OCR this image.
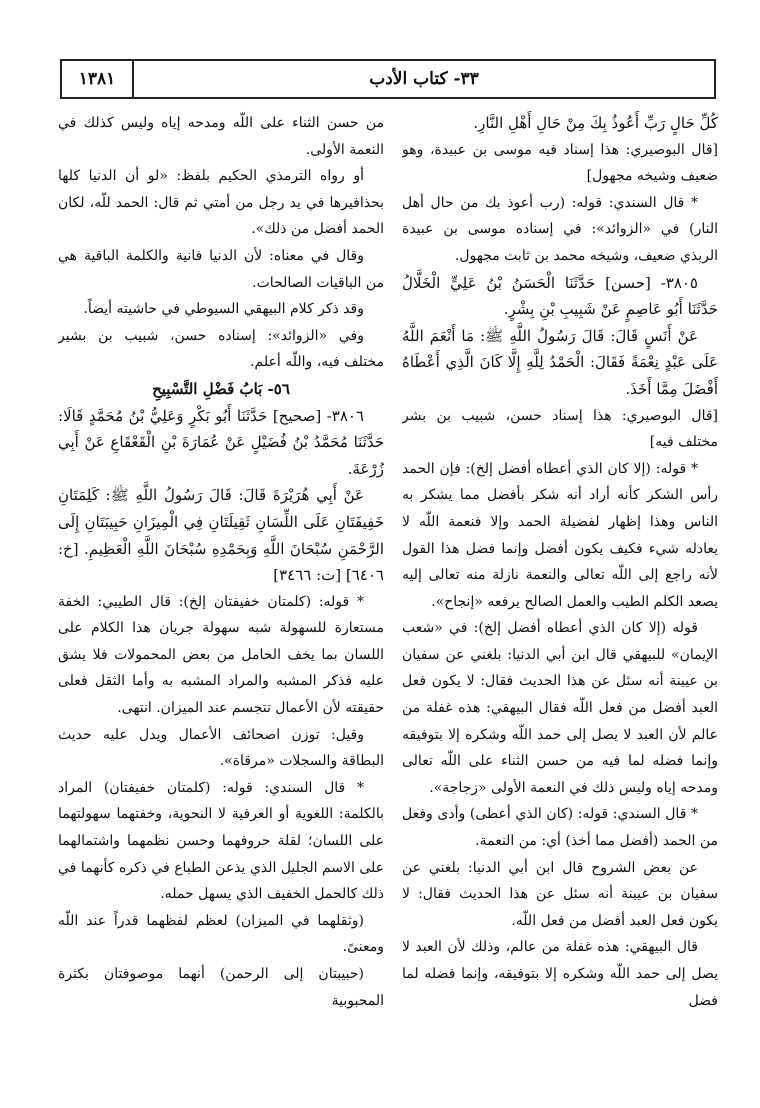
١٣٨١	٣٣- كتاب الأدب

كُلِّ حَالٍ رَبِّ أَعُوذُ بِكَ مِنْ حَالِ أَهْلِ النَّارِ.

[قال البوصيري: هذا إسناد فيه موسى بن عبيدة، وهو ضعيف وشيخه مجهول]

* قال السندي: قوله: (رب أعوذ بك من حال أهل النار) في «الزوائد»: في إسناده موسى بن عبيدة الربذي ضعيف، وشيخه محمد بن ثابت مجهول.

٣٨٠٥- [حسن] حَدَّثَنَا الْحَسَنُ بْنُ عَلِيٍّ الْخَلَّالُ حَدَّثَنَا أَبُو عَاصِمٍ عَنْ شَبِيبِ بْنِ بِشْرٍ.

عَنْ أَنَسٍ قَالَ: قَالَ رَسُولُ اللَّهِ ﷺ: مَا أَنْعَمَ اللَّهُ عَلَى عَبْدٍ نِعْمَةً فَقَالَ: الْحَمْدُ لِلَّهِ إِلَّا كَانَ الَّذِي أَعْطَاهُ أَفْضَلَ مِمَّا أَخَذَ.

[قال البوصيري: هذا إسناد حسن، شبيب بن بشر مختلف فيه]

* قوله: (إلا كان الذي أعطاه أفضل إلخ): فإن الحمد رأس الشكر كأنه أراد أنه شكر بأفضل مما يشكر به الناس وهذا إظهار لفضيلة الحمد وإلا فنعمة اللّه لا يعادله شيء فكيف يكون أفضل وإنما فضل هذا القول لأنه راجع إلى اللّه تعالى والنعمة نازلة منه تعالى إليه يصعد الكلم الطيب والعمل الصالح يرفعه «إنجاح».

قوله (إلا كان الذي أعطاه أفضل إلخ): في «شعب الإيمان» للبيهقي قال ابن أبي الدنيا: بلغني عن سفيان بن عيينة أنه سئل عن هذا الحديث فقال: لا يكون فعل العبد أفضل من فعل اللّه فقال البيهقي: هذه غفلة من عالم لأن العبد لا يصل إلى حمد اللّه وشكره إلا بتوفيقه وإنما فضله لما فيه من حسن الثناء على اللّه تعالى ومدحه إياه وليس ذلك في النعمة الأولى «زجاجة».

* قال السندي: قوله: (كان الذي أعطى) وأدى وفعل من الحمد (أفضل مما أخذ) أي: من النعمة.

عن بعض الشروح قال ابن أبي الدنيا: بلغني عن سفيان بن عيينة أنه سئل عن هذا الحديث فقال: لا يكون فعل العبد أفضل من فعل اللّه.

قال البيهقي: هذه غفلة من عالم، وذلك لأن العبد لا يصل إلى حمد اللّه وشكره إلا بتوفيقه، وإنما فضله لما فضل

من حسن الثناء على اللّه ومدحه إياه وليس كذلك في النعمة الأولى.

أو رواه الترمذي الحكيم بلفظ: «لو أن الدنيا كلها بحذافيرها في يد رجل من أمتي ثم قال: الحمد للّه، لكان الحمد أفضل من ذلك».

وقال في معناه: لأن الدنيا فانية والكلمة الباقية هي من الباقيات الصالحات.

وقد ذكر كلام البيهقي السيوطي في حاشيته أيضاً.

وفي «الزوائد»: إسناده حسن، شبيب بن بشير مختلف فيه، واللّه أعلم.

٥٦- بَابُ فَضْلِ التَّسْبِيحِ

٣٨٠٦- [صحيح] حَدَّثَنَا أَبُو بَكْرٍ وَعَلِيُّ بْنُ مُحَمَّدٍ قَالَا: حَدَّثَنَا مُحَمَّدُ بْنُ فُضَيْلٍ عَنْ عُمَارَةَ بْنِ الْقَعْقَاعِ عَنْ أَبِي زُرْعَةَ.

عَنْ أَبِي هُرَيْرَةَ قَالَ: قَالَ رَسُولُ اللَّهِ ﷺ: كَلِمَتَانِ خَفِيفَتَانِ عَلَى اللِّسَانِ ثَقِيلَتَانِ فِي الْمِيزَانِ حَبِيبَتَانِ إِلَى الرَّحْمَنِ سُبْحَانَ اللَّهِ وَبِحَمْدِهِ سُبْحَانَ اللَّهِ الْعَظِيمِ. [خ: ٦٤٠٦] [ت: ٣٤٦٦]

* قوله: (كلمتان خفيفتان إلخ): قال الطيبي: الخفة مستعارة للسهولة شبه سهولة جريان هذا الكلام على اللسان بما يخف الحامل من بعض المحمولات فلا يشق عليه فذكر المشبه والمراد المشبه به وأما الثقل فعلى حقيقته لأن الأعمال تتجسم عند الميزان. انتهى.

وقيل: توزن اصحائف الأعمال ويدل عليه حديث البطاقة والسجلات «مرقاة».

* قال السندي: قوله: (كلمتان خفيفتان) المراد بالكلمة: اللغوية أو العرفية لا النحوية، وخفتهما سهولتهما على اللسان؛ لقلة حروفهما وحسن نظمهما واشتمالهما على الاسم الجليل الذي يذعن الطباع في ذكره كأنهما في ذلك كالحمل الخفيف الذي يسهل حمله.

(وثقلهما في الميزان) لعظم لفظهما قدراً عند اللّه ومعنىً.

(حبيبتان إلى الرحمن) أنهما موصوفتان بكثرة المحبوبية
